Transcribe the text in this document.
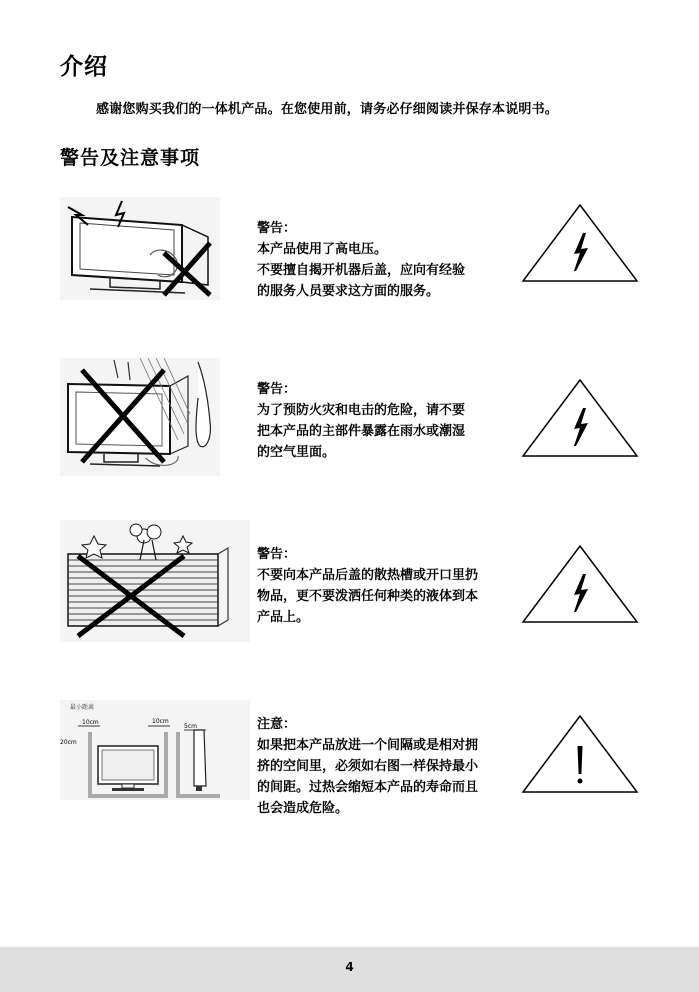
介绍
感谢您购买我们的一体机产品。在您使用前，请务必仔细阅读并保存本说明书。
警告及注意事项
警告：
本产品使用了高电压。
不要擅自揭开机器后盖，应向有经验
的服务人员要求这方面的服务。
警告：
为了预防火灾和电击的危险，请不要
把本产品的主部件暴露在雨水或潮湿
的空气里面。
警告：
不要向本产品后盖的散热槽或开口里扔
物品，更不要泼洒任何种类的液体到本
产品上。
最小距离
10cm	10cm
5cm
20cm
注意：
如果把本产品放进一个间隔或是相对拥
挤的空间里，必须如右图一样保持最小
的间距。过热会缩短本产品的寿命而且
也会造成危险。
4
